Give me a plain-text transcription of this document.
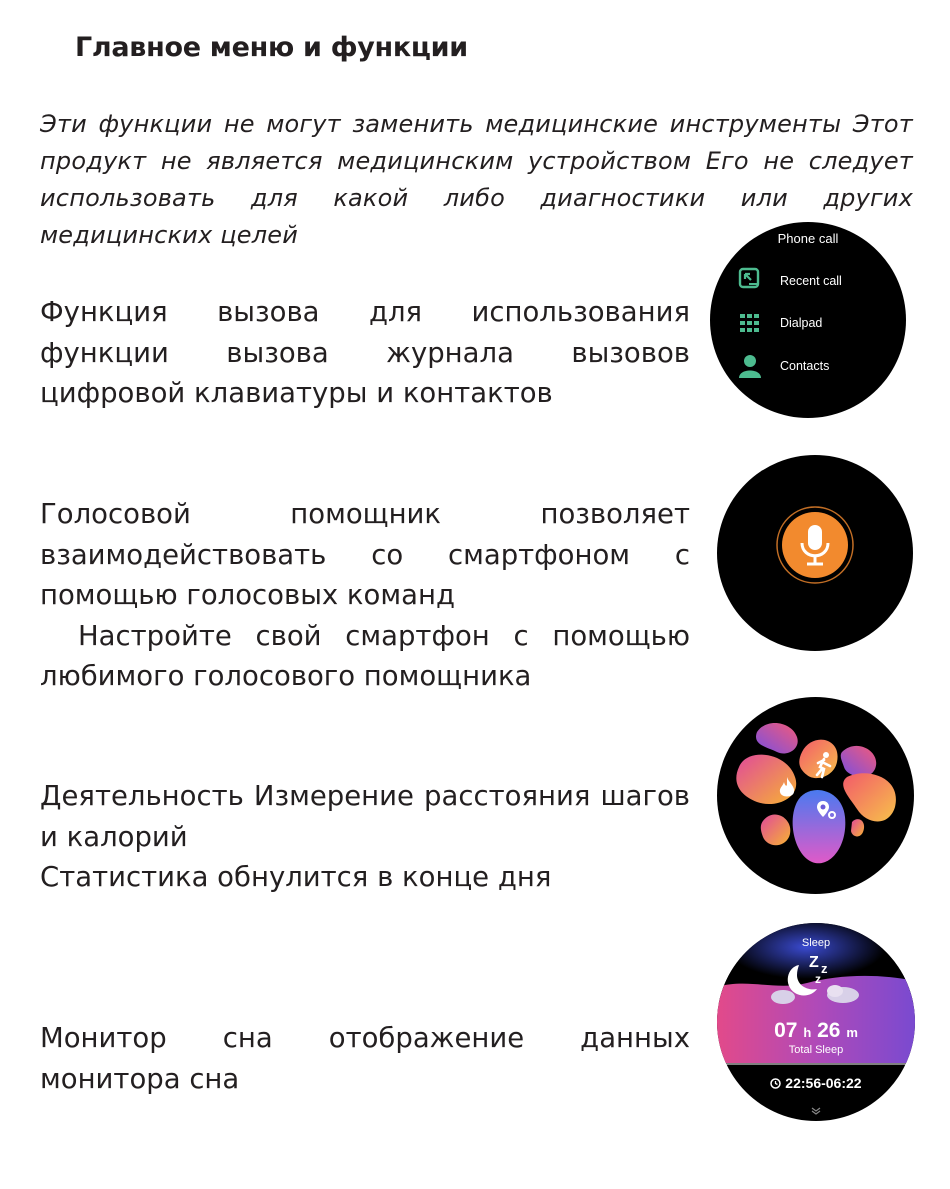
Главное меню и функции
Эти функции не могут заменить медицинские инструменты Этот продукт не является медицинским устройством Его не следует использовать для какой либо диагностики или других медицинских целей

Функция вызова для использования функции вызова журнала вызовов цифровой клавиатуры и контактов

Phone call
Recent call
Dialpad
Contacts

Голосовой помощник позволяет взаимодействовать со смартфоном с помощью голосовых команд

Настройте свой смартфон с помощью любимого голосового помощника

Деятельность Измерение расстояния шагов и калорий

Статистика обнулится в конце дня

Монитор сна отображение данных монитора сна

Sleep
Z z
z
07 h 26 m
Total Sleep
22:56-06:22
